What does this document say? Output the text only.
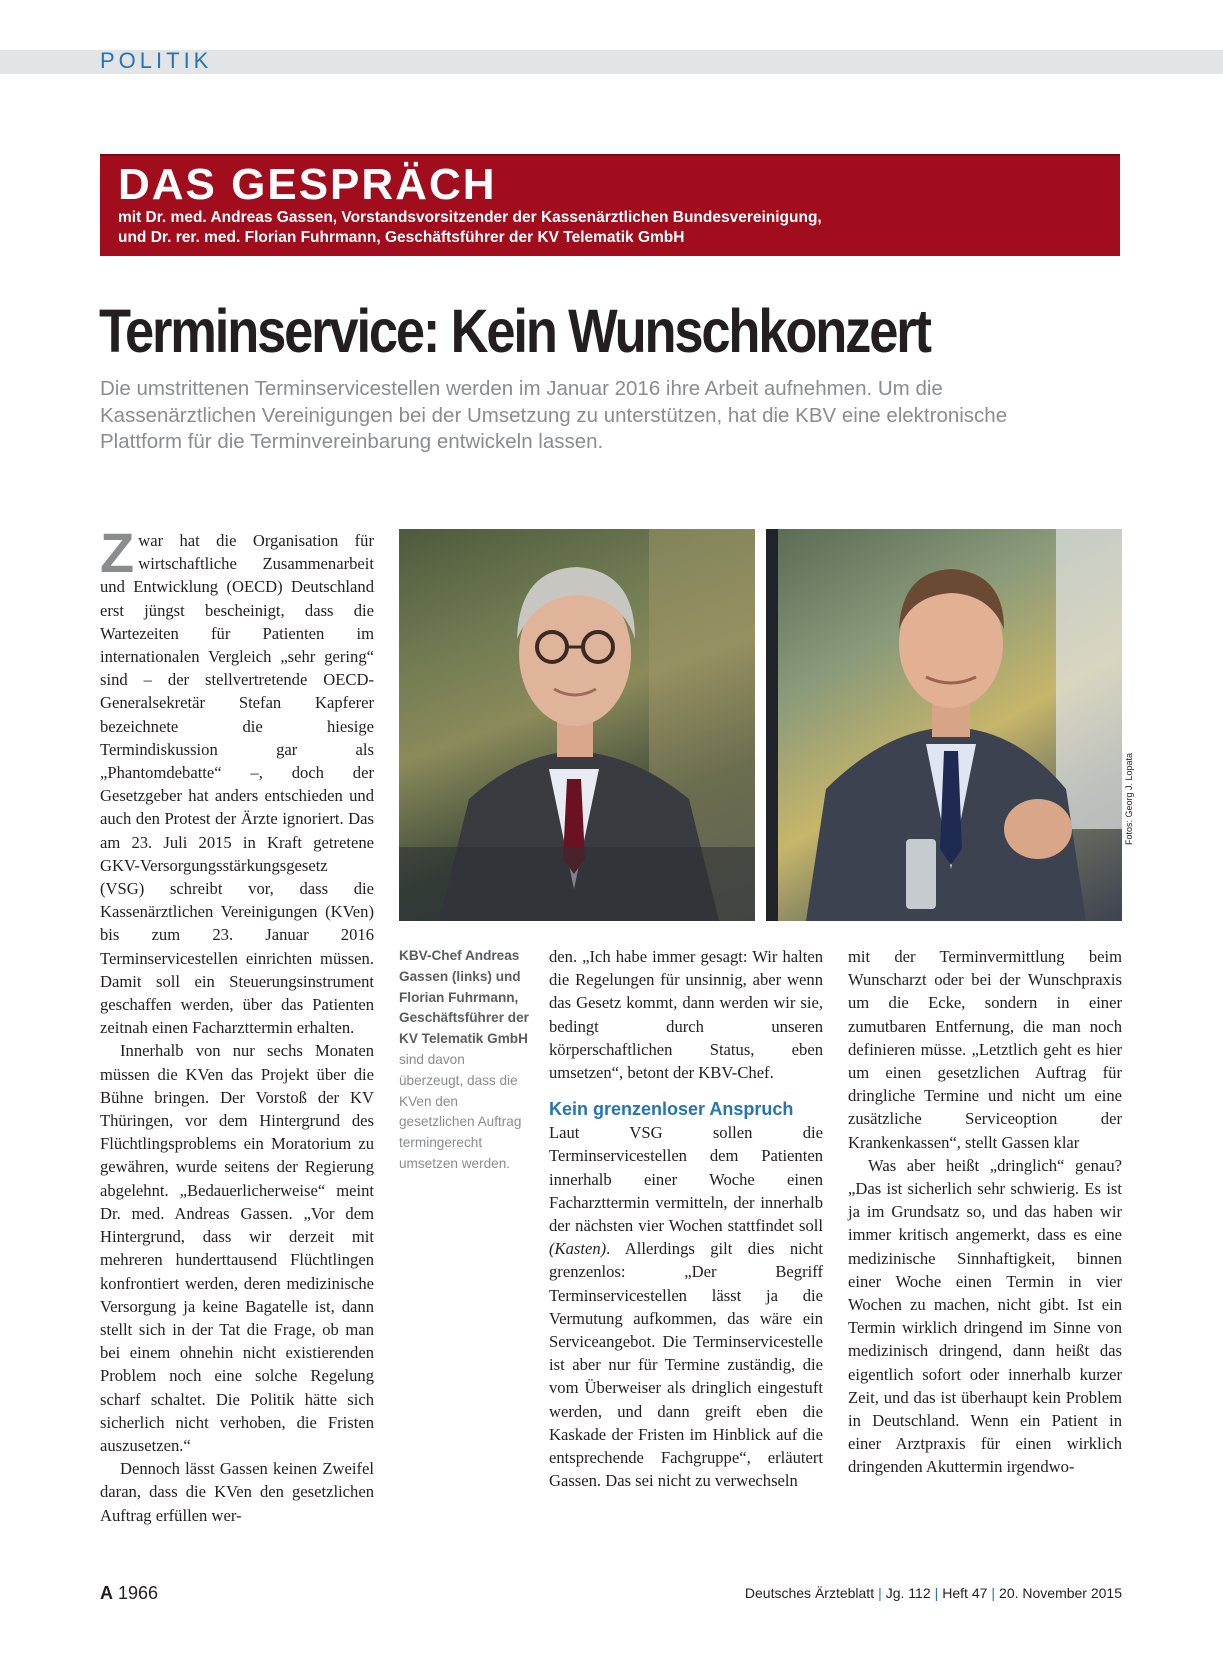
POLITIK
DAS GESPRÄCH
mit Dr. med. Andreas Gassen, Vorstandsvorsitzender der Kassenärztlichen Bundesvereinigung,
und Dr. rer. med. Florian Fuhrmann, Geschäftsführer der KV Telematik GmbH
Terminservice: Kein Wunschkonzert

Die umstrittenen Terminservicestellen werden im Januar 2016 ihre Arbeit aufnehmen. Um die Kassenärztlichen Vereinigungen bei der Umsetzung zu unterstützen, hat die KBV eine elektronische Plattform für die Terminvereinbarung entwickeln lassen.

Zwar hat die Organisation für wirtschaftliche Zusammenarbeit und Entwicklung (OECD) Deutschland erst jüngst bescheinigt, dass die Wartezeiten für Patienten im internationalen Vergleich „sehr gering“ sind – der stellvertretende OECD-Generalsekretär Stefan Kapferer bezeichnete die hiesige Termindiskussion gar als „Phantomdebatte“ –, doch der Gesetzgeber hat anders entschieden und auch den Protest der Ärzte ignoriert. Das am 23. Juli 2015 in Kraft getretene GKV-Versorgungsstärkungsgesetz (VSG) schreibt vor, dass die Kassenärztlichen Vereinigungen (KVen) bis zum 23. Januar 2016 Terminservicestellen einrichten müssen. Damit soll ein Steuerungsinstrument geschaffen werden, über das Patienten zeitnah einen Facharzttermin erhalten.

Innerhalb von nur sechs Monaten müssen die KVen das Projekt über die Bühne bringen. Der Vorstoß der KV Thüringen, vor dem Hintergrund des Flüchtlingsproblems ein Moratorium zu gewähren, wurde seitens der Regierung abgelehnt. „Bedauerlicherweise“ meint Dr. med. Andreas Gassen. „Vor dem Hintergrund, dass wir derzeit mit mehreren hunderttausend Flüchtlingen konfrontiert werden, deren medizinische Versorgung ja keine Bagatelle ist, dann stellt sich in der Tat die Frage, ob man bei einem ohnehin nicht existierenden Problem noch eine solche Regelung scharf schaltet. Die Politik hätte sich sicherlich nicht verhoben, die Fristen auszusetzen.“

Dennoch lässt Gassen keinen Zweifel daran, dass die KVen den gesetzlichen Auftrag erfüllen wer-

Fotos: Georg J. Lopata
KBV-Chef Andreas Gassen (links) und Florian Fuhrmann, Geschäftsführer der KV Telematik GmbH sind davon überzeugt, dass die KVen den gesetzlichen Auftrag termingerecht umsetzen werden.

den. „Ich habe immer gesagt: Wir halten die Regelungen für unsinnig, aber wenn das Gesetz kommt, dann werden wir sie, bedingt durch unseren körperschaftlichen Status, eben umsetzen“, betont der KBV-Chef.

Kein grenzenloser Anspruch

Laut VSG sollen die Terminservicestellen dem Patienten innerhalb einer Woche einen Facharzttermin vermitteln, der innerhalb der nächsten vier Wochen stattfindet soll (Kasten). Allerdings gilt dies nicht grenzenlos: „Der Begriff Terminservicestellen lässt ja die Vermutung aufkommen, das wäre ein Serviceangebot. Die Terminservicestelle ist aber nur für Termine zuständig, die vom Überweiser als dringlich eingestuft werden, und dann greift eben die Kaskade der Fristen im Hinblick auf die entsprechende Fachgruppe“, erläutert Gassen. Das sei nicht zu verwechseln

mit der Terminvermittlung beim Wunscharzt oder bei der Wunschpraxis um die Ecke, sondern in einer zumutbaren Entfernung, die man noch definieren müsse. „Letztlich geht es hier um einen gesetzlichen Auftrag für dringliche Termine und nicht um eine zusätzliche Serviceoption der Krankenkassen“, stellt Gassen klar

Was aber heißt „dringlich“ genau? „Das ist sicherlich sehr schwierig. Es ist ja im Grundsatz so, und das haben wir immer kritisch angemerkt, dass es eine medizinische Sinnhaftigkeit, binnen einer Woche einen Termin in vier Wochen zu machen, nicht gibt. Ist ein Termin wirklich dringend im Sinne von medizinisch dringend, dann heißt das eigentlich sofort oder innerhalb kurzer Zeit, und das ist überhaupt kein Problem in Deutschland. Wenn ein Patient in einer Arztpraxis für einen wirklich dringenden Akuttermin irgendwo-

A 1966	Deutsches Ärzteblatt | Jg. 112 | Heft 47 | 20. November 2015
